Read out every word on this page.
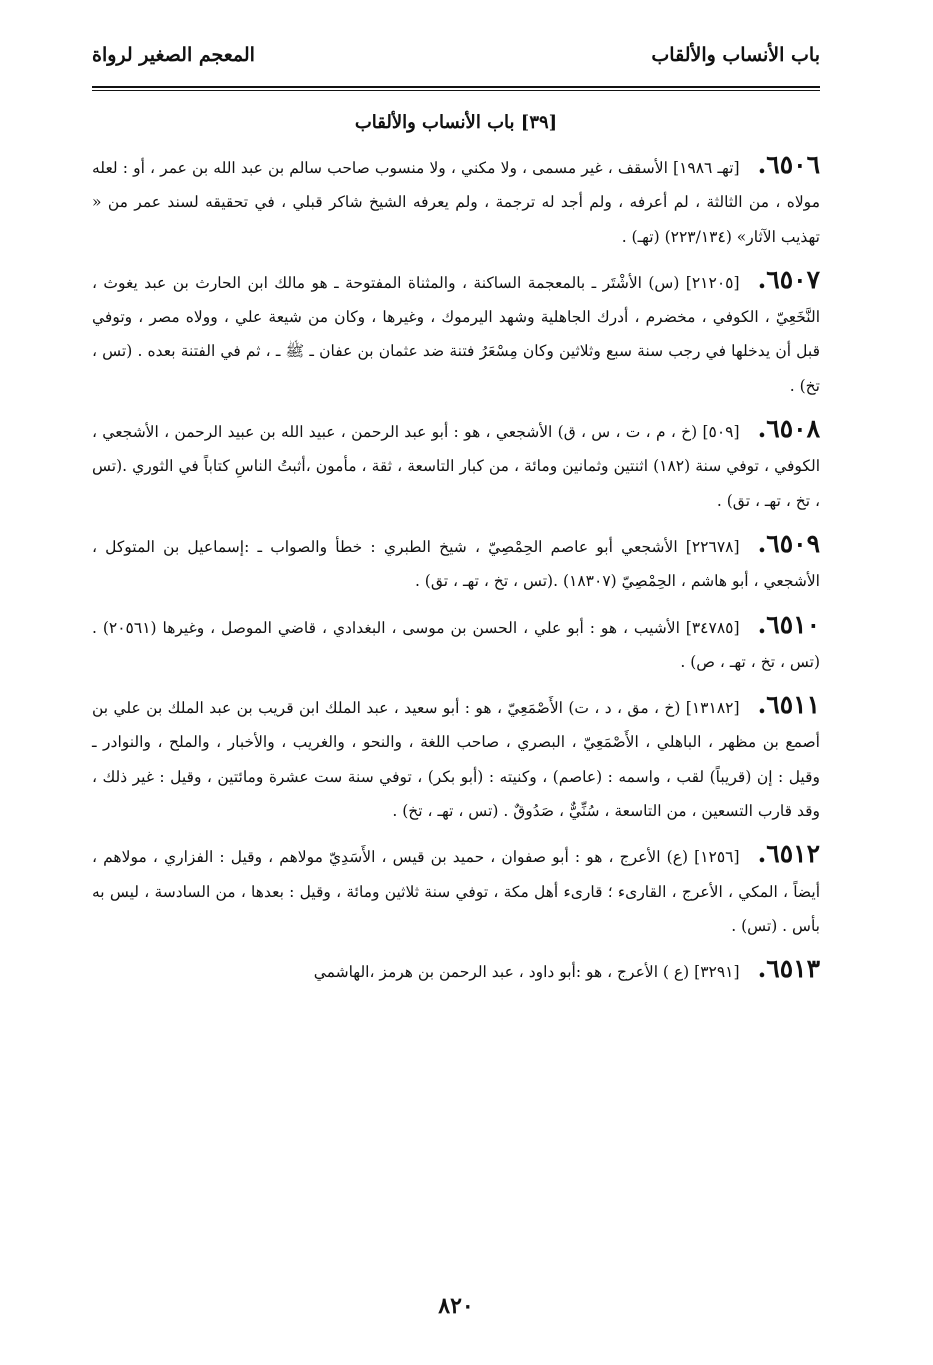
باب الأنساب والألقاب
المعجم الصغير لرواة
[٣٩] باب الأنساب والألقاب

٦٥٠٦.[تهـ ١٩٨٦] الأسقف ، غير مسمى ، ولا مكني ، ولا منسوب صاحب سالم بن عبد الله بن عمر ، أو : لعله مولاه ، من الثالثة ، لم أعرفه ، ولم أجد له ترجمة ، ولم يعرفه الشيخ شاكر قبلي ، في تحقيقه لسند عمر من « تهذيب الآثار» (٢٢٣/١٣٤) (تهـ) .

٦٥٠٧.[٢١٢٠٥] (س) الأشْتَر ـ بالمعجمة الساكنة ، والمثناة المفتوحة ـ هو مالك ابن الحارث بن عبد يغوث ، النَّخَعِيّ ، الكوفي ، مخضرم ، أدرك الجاهلية وشهد اليرموك ، وغيرها ، وكان من شيعة علي ، وولاه مصر ، وتوفي قبل أن يدخلها في رجب سنة سبع وثلاثين وكان مِسْعَرُ فتنة ضد عثمان بن عفان ـ ﷺ ـ ، ثم في الفتنة بعده . (تس ، تخ) .

٦٥٠٨.[٥٠٩] (خ ، م ، ت ، س ، ق) الأشجعي ، هو : أبو عبد الرحمن ، عبيد الله بن عبيد الرحمن ، الأشجعي ، الكوفي ، توفي سنة (١٨٢) اثنتين وثمانين ومائة ، من كبار التاسعة ، ثقة ، مأمون ،أثبتُ الناسِ كتاباً في الثوري .(تس ، تخ ، تهـ ، تق) .

٦٥٠٩.[٢٢٦٧٨] الأشجعي أبو عاصم الحِمْصِيّ ، شيخ الطبري : خطأ والصواب ـ :إسماعيل بن المتوكل ، الأشجعي ، أبو هاشم ، الحِمْصِيّ (١٨٣٠٧) .(تس ، تخ ، تهـ ، تق) .

٦٥١٠.[٣٤٧٨٥] الأشيب ، هو : أبو علي ، الحسن بن موسى ، البغدادي ، قاضي الموصل ، وغيرها (٢٠٥٦١) . (تس ، تخ ، تهـ ، ص) .

٦٥١١.[١٣١٨٢] (خ ، مق ، د ، ت) الأَصْمَعِيّ ، هو : أبو سعيد ، عبد الملك ابن قريب بن عبد الملك بن علي بن أصمع بن مظهر ، الباهلي ، الأَصْمَعِيّ ، البصري ، صاحب اللغة ، والنحو ، والغريب ، والأخبار ، والملح ، والنوادر ـ وقيل : إن (قريباً) لقب ، واسمه : (عاصم) ، وكنيته : (أبو بكر) ، توفي سنة ست عشرة ومائتين ، وقيل : غير ذلك ، وقد قارب التسعين ، من التاسعة ، سُنِّيٌّ ، صَدُوقٌ . (تس ، تهـ ، تخ) .

٦٥١٢.[١٢٥٦] (ع) الأعرج ، هو : أبو صفوان ، حميد بن قيس ، الأَسَدِيّ مولاهم ، وقيل : الفزاري ، مولاهم ، أيضاً ، المكي ، الأعرج ، القارىء ؛ قارىء أهل مكة ، توفي سنة ثلاثين ومائة ، وقيل : بعدها ، من السادسة ، ليس به بأس . (تس) .

٦٥١٣.[٣٢٩١] (ع ) الأعرج ، هو :أبو داود ، عبد الرحمن بن هرمز ،الهاشمي

٨٢٠
